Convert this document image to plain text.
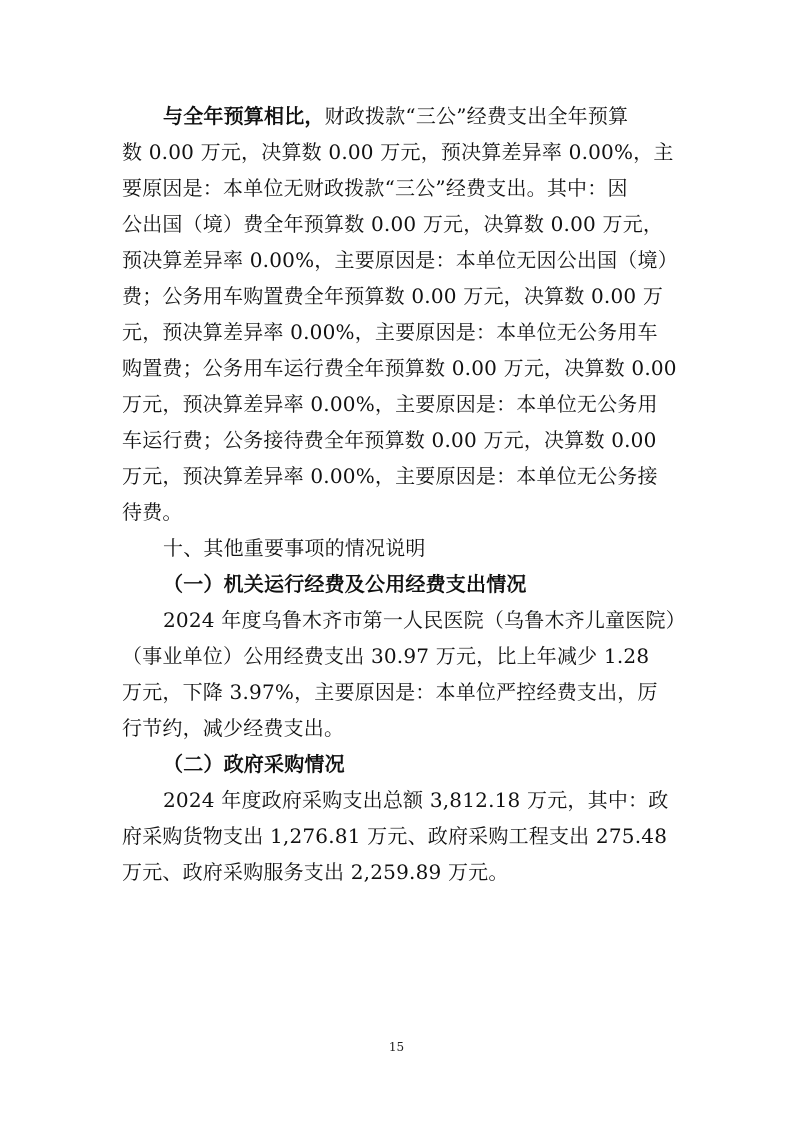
与全年预算相比，财政拨款“三公”经费支出全年预算
数 0.00 万元，决算数 0.00 万元，预决算差异率 0.00%，主
要原因是：本单位无财政拨款“三公”经费支出。其中：因
公出国（境）费全年预算数 0.00 万元，决算数 0.00 万元，
预决算差异率 0.00%，主要原因是：本单位无因公出国（境）
费；公务用车购置费全年预算数 0.00 万元，决算数 0.00 万
元，预决算差异率 0.00%，主要原因是：本单位无公务用车
购置费；公务用车运行费全年预算数 0.00 万元，决算数 0.00
万元，预决算差异率 0.00%，主要原因是：本单位无公务用
车运行费；公务接待费全年预算数 0.00 万元，决算数 0.00
万元，预决算差异率 0.00%，主要原因是：本单位无公务接
待费。
十、其他重要事项的情况说明
（一）机关运行经费及公用经费支出情况
2024 年度乌鲁木齐市第一人民医院（乌鲁木齐儿童医院）
（事业单位）公用经费支出 30.97 万元，比上年减少 1.28
万元，下降 3.97%，主要原因是：本单位严控经费支出，厉
行节约，减少经费支出。
（二）政府采购情况
2024 年度政府采购支出总额 3,812.18 万元，其中：政
府采购货物支出 1,276.81 万元、政府采购工程支出 275.48
万元、政府采购服务支出 2,259.89 万元。
15
